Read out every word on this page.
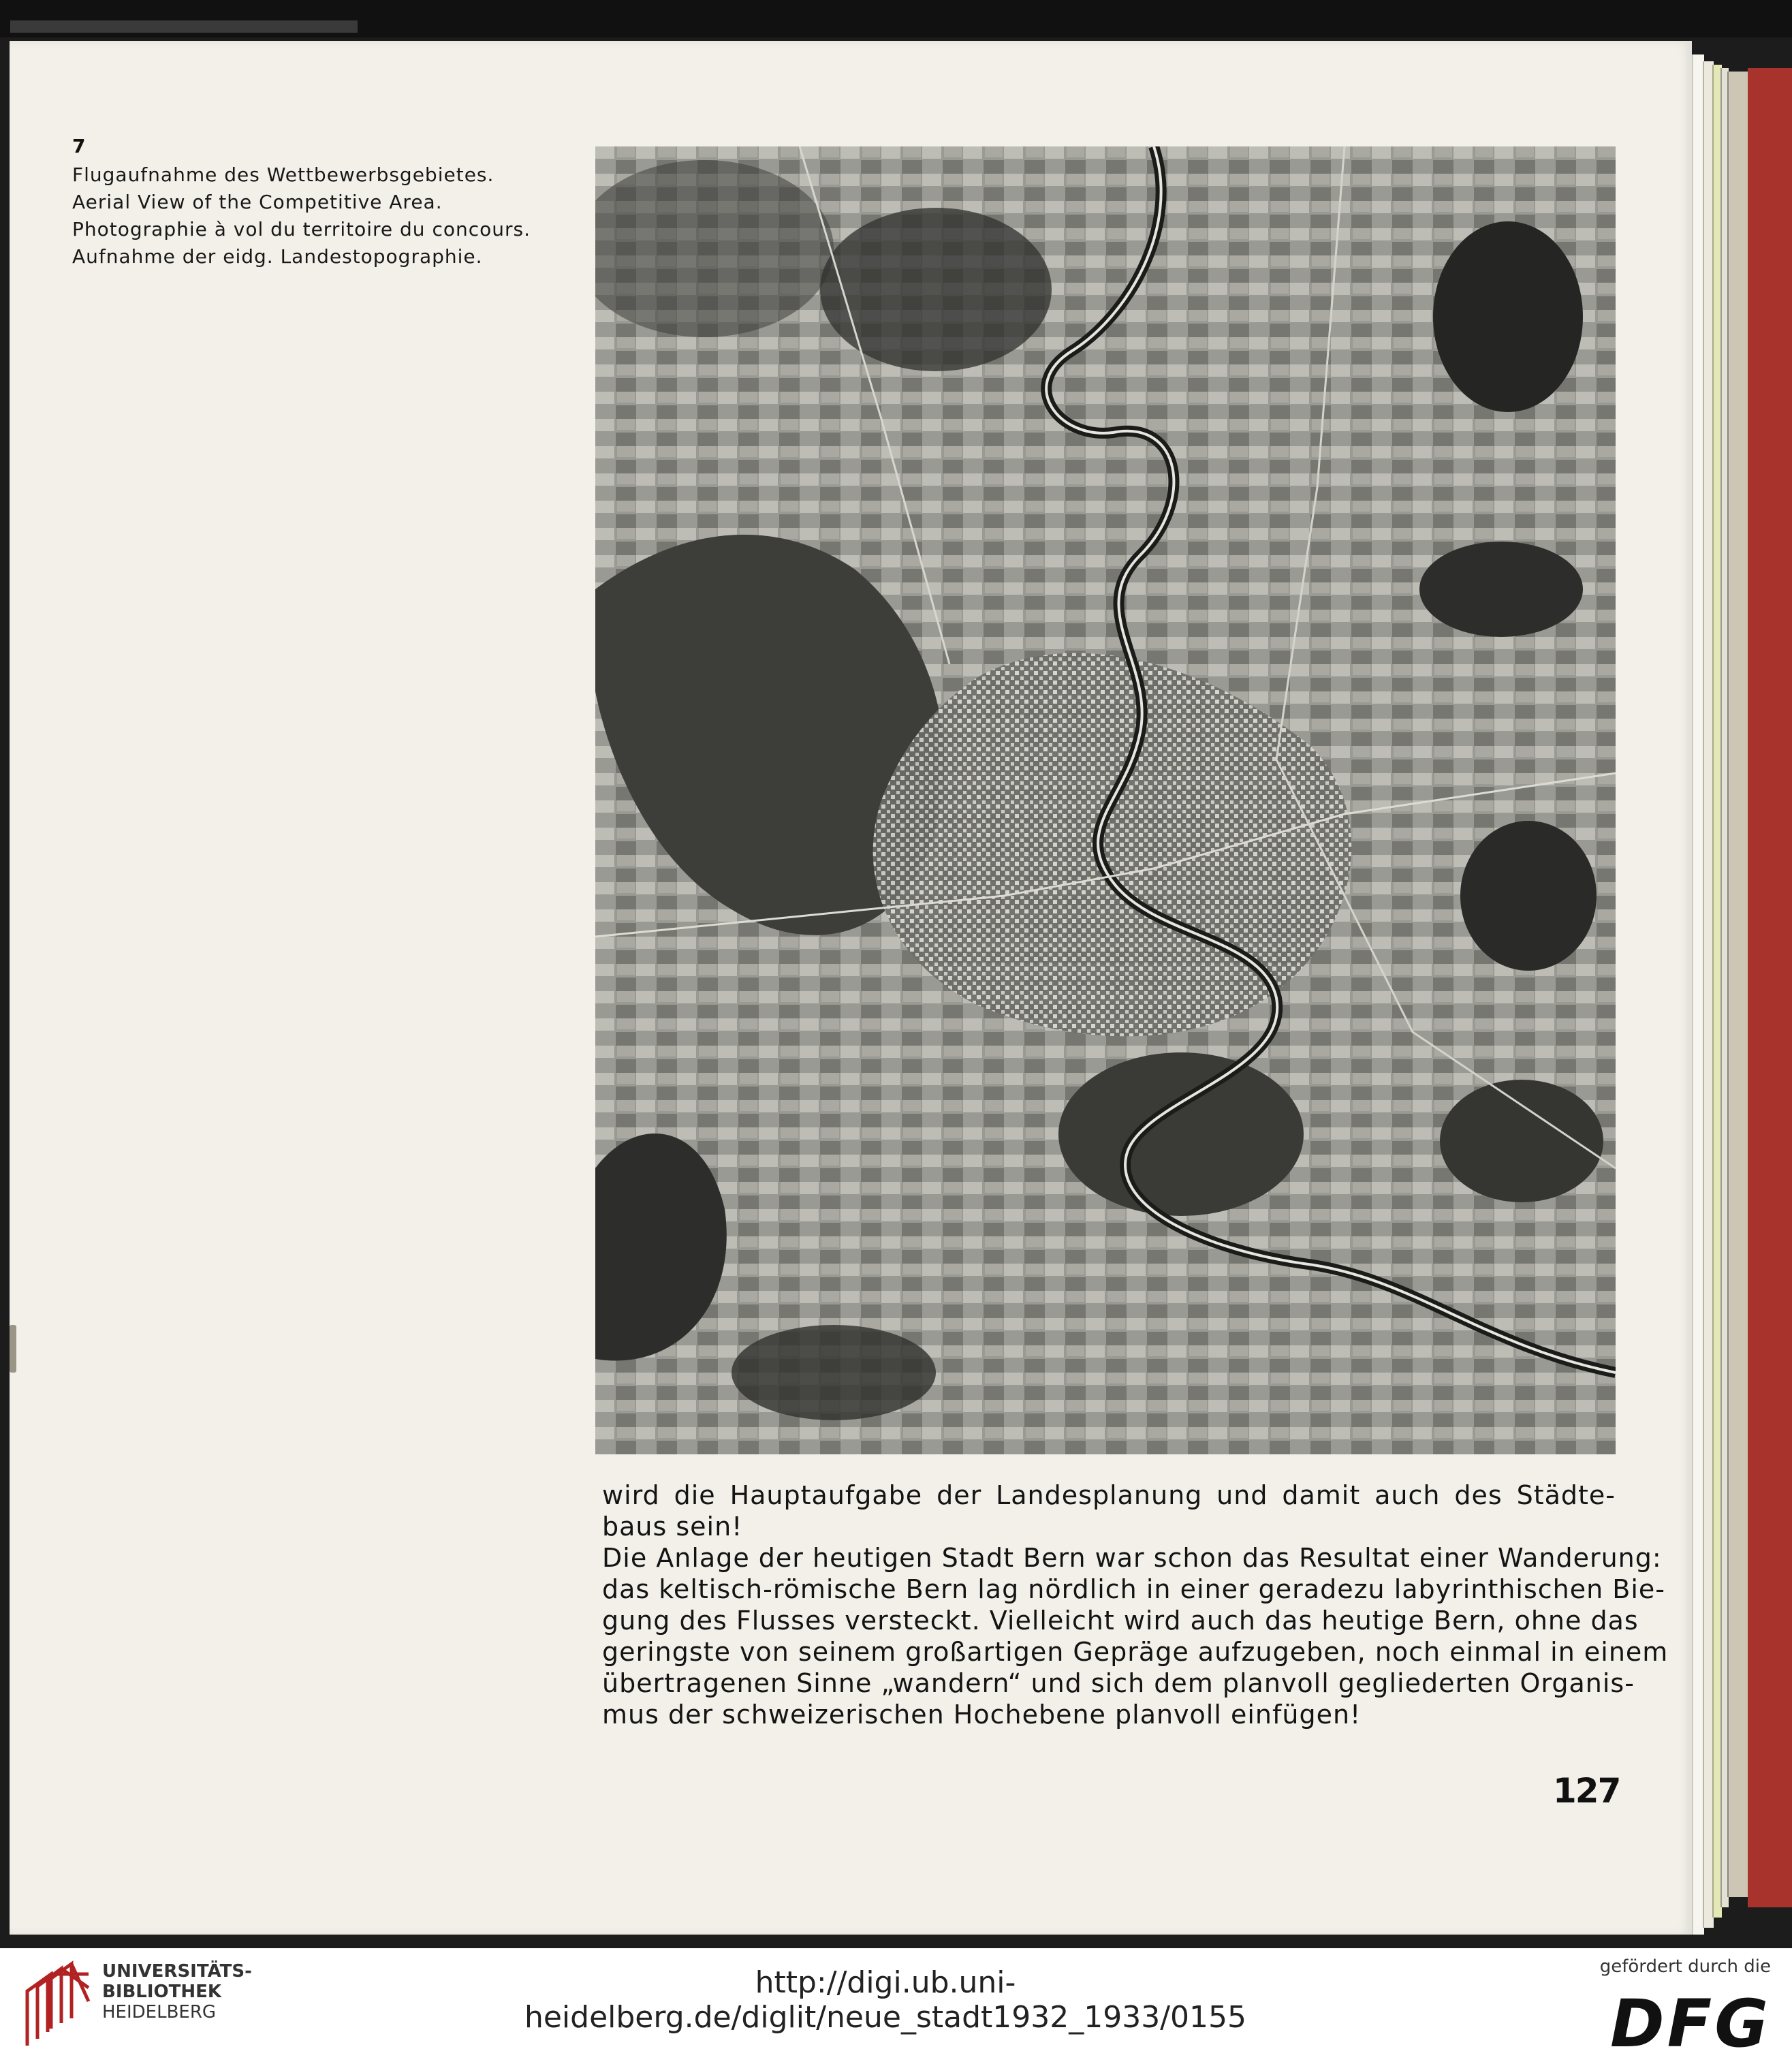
7
Flugaufnahme des Wettbewerbsgebietes.
Aerial View of the Competitive Area.
Photographie à vol du territoire du concours.
Aufnahme der eidg. Landestopographie.
wird die Hauptaufgabe der Landesplanung und damit auch des Städte-
baus sein!
Die Anlage der heutigen Stadt Bern war schon das Resultat einer Wanderung:
das keltisch-römische Bern lag nördlich in einer geradezu labyrinthischen Bie-
gung des Flusses versteckt. Vielleicht wird auch das heutige Bern, ohne das
geringste von seinem großartigen Gepräge aufzugeben, noch einmal in einem
übertragenen Sinne „wandern“ und sich dem planvoll gegliederten Organis-
mus der schweizerischen Hochebene planvoll einfügen!
127
UNIVERSITÄTS-
BIBLIOTHEK
HEIDELBERG
http://digi.ub.uni-heidelberg.de/diglit/neue_stadt1932_1933/0155
gefördert durch die
DFG
